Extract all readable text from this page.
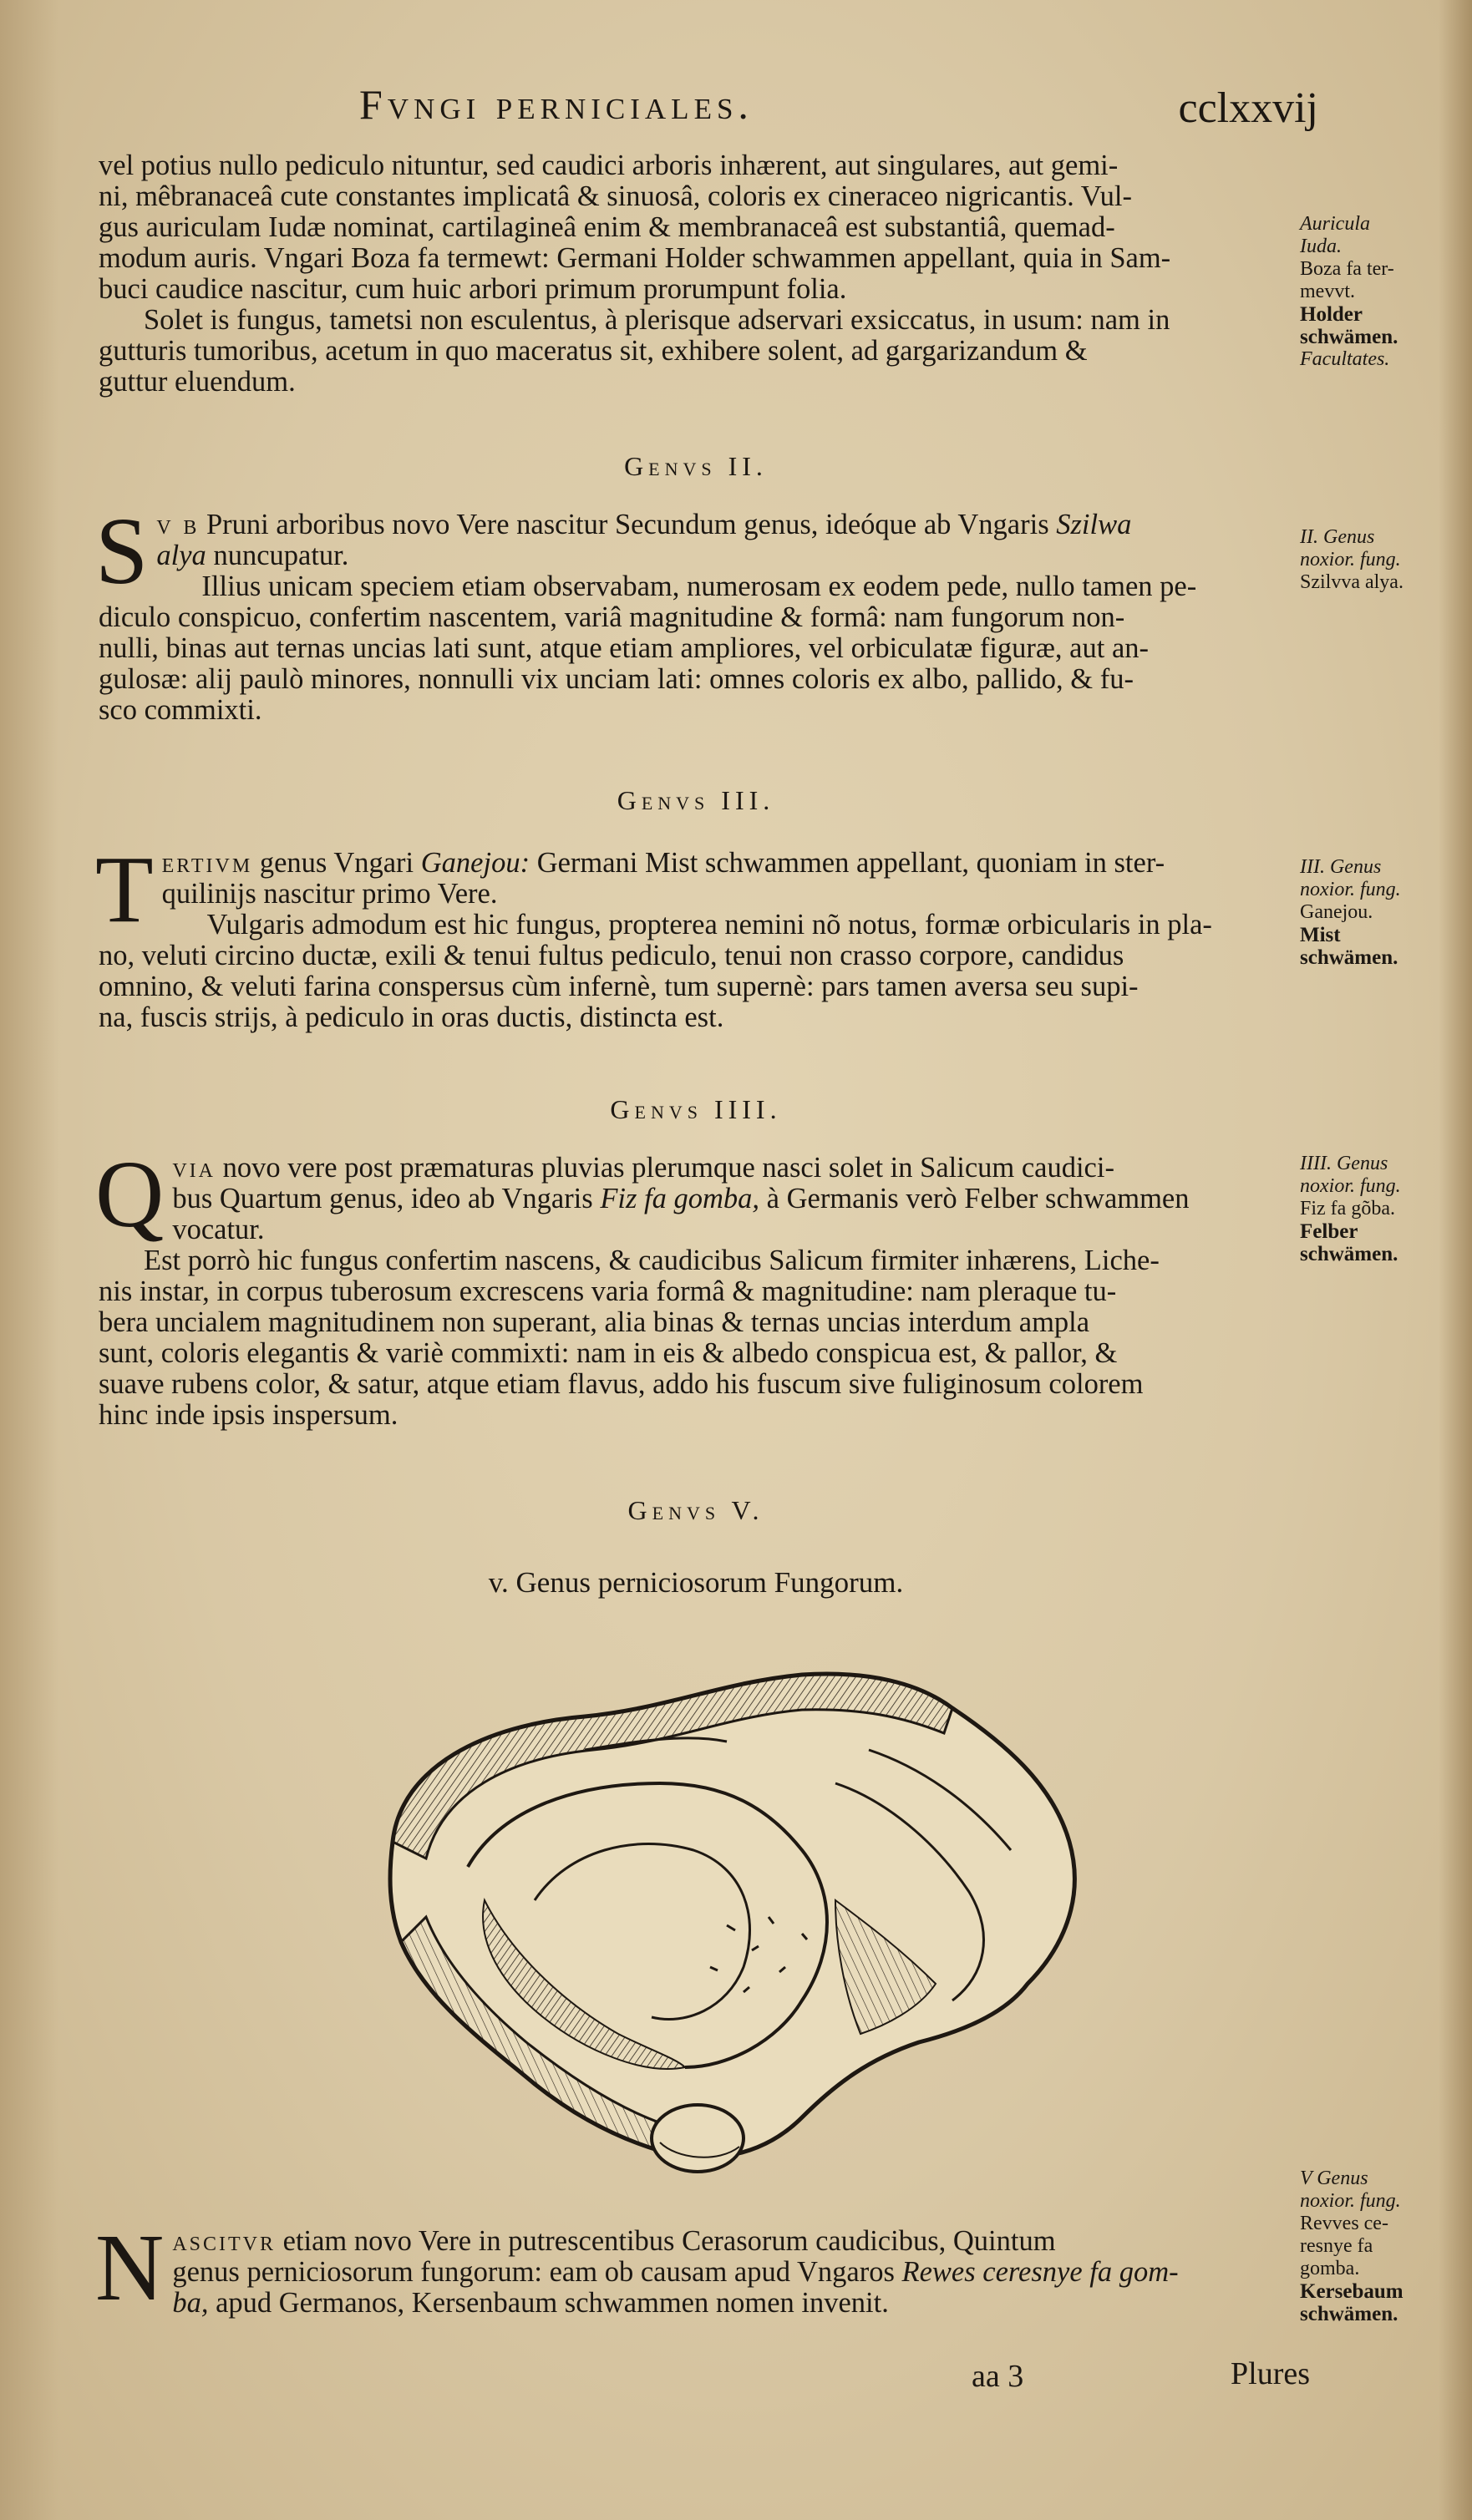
Fvngi perniciales.	cclxxvij

vel potius nullo pediculo nituntur, sed caudici arboris inhærent, aut singulares, aut gemi-

ni, mêbranaceâ cute constantes implicatâ & sinuosâ, coloris ex cineraceo nigricantis. Vul-

gus auriculam Iudæ nominat, cartilagineâ enim & membranaceâ est substantiâ, quemad-

modum auris. Vngari Boza fa termewt: Germani Holder schwammen appellant, quia in Sam-

buci caudice nascitur, cum huic arbori primum prorumpunt folia.

Solet is fungus, tametsi non esculentus, à plerisque adservari exsiccatus, in usum: nam in

gutturis tumoribus, acetum in quo maceratus sit, exhibere solent, ad gargarizandum &

guttur eluendum.

Genvs II.
S v b Pruni arboribus novo Vere nascitur Secundum genus, ideóque ab Vngaris Szilwa

alya nuncupatur.

Illius unicam speciem etiam observabam, numerosam ex eodem pede, nullo tamen pe-

diculo conspicuo, confertim nascentem, variâ magnitudine & formâ: nam fungorum non-

nulli, binas aut ternas uncias lati sunt, atque etiam ampliores, vel orbiculatæ figuræ, aut an-

gulosæ: alij paulò minores, nonnulli vix unciam lati: omnes coloris ex albo, pallido, & fu-

sco commixti.

Genvs III.
T ertivm genus Vngari Ganejou: Germani Mist schwammen appellant, quoniam in ster-

quilinijs nascitur primo Vere.

Vulgaris admodum est hic fungus, propterea nemini nõ notus, formæ orbicularis in pla-

no, veluti circino ductæ, exili & tenui fultus pediculo, tenui non crasso corpore, candidus

omnino, & veluti farina conspersus cùm infernè, tum supernè: pars tamen aversa seu supi-

na, fuscis strijs, à pediculo in oras ductis, distincta est.

Genvs IIII.
Q via novo vere post præmaturas pluvias plerumque nasci solet in Salicum caudici-

bus Quartum genus, ideo ab Vngaris Fiz fa gomba, à Germanis verò Felber schwammen

vocatur.

Est porrò hic fungus confertim nascens, & caudicibus Salicum firmiter inhærens, Liche-

nis instar, in corpus tuberosum excrescens varia formâ & magnitudine: nam pleraque tu-

bera uncialem magnitudinem non superant, alia binas & ternas uncias interdum ampla

sunt, coloris elegantis & variè commixti: nam in eis & albedo conspicua est, & pallor, &

suave rubens color, & satur, atque etiam flavus, addo his fuscum sive fuliginosum colorem

hinc inde ipsis inspersum.

Genvs V.
v. Genus perniciosorum Fungorum.
N ascitvr etiam novo Vere in putrescentibus Cerasorum caudicibus, Quintum

genus perniciosorum fungorum: eam ob causam apud Vngaros Rewes ceresnye fa gom-

ba, apud Germanos, Kersenbaum schwammen nomen invenit.

Auricula
Iuda.
Boza fa ter-
mevvt.
Holder
schwämen.
Facultates.
II. Genus
noxior. fung.
Szilvva alya.
III. Genus
noxior. fung.
Ganejou.
Mist
schwämen.
IIII. Genus
noxior. fung.
Fiz fa gõba.
Felber
schwämen.
V Genus
noxior. fung.
Revves ce-
resnye fa
gomba.
Kersebaum
schwämen.
aa 3	Plures
